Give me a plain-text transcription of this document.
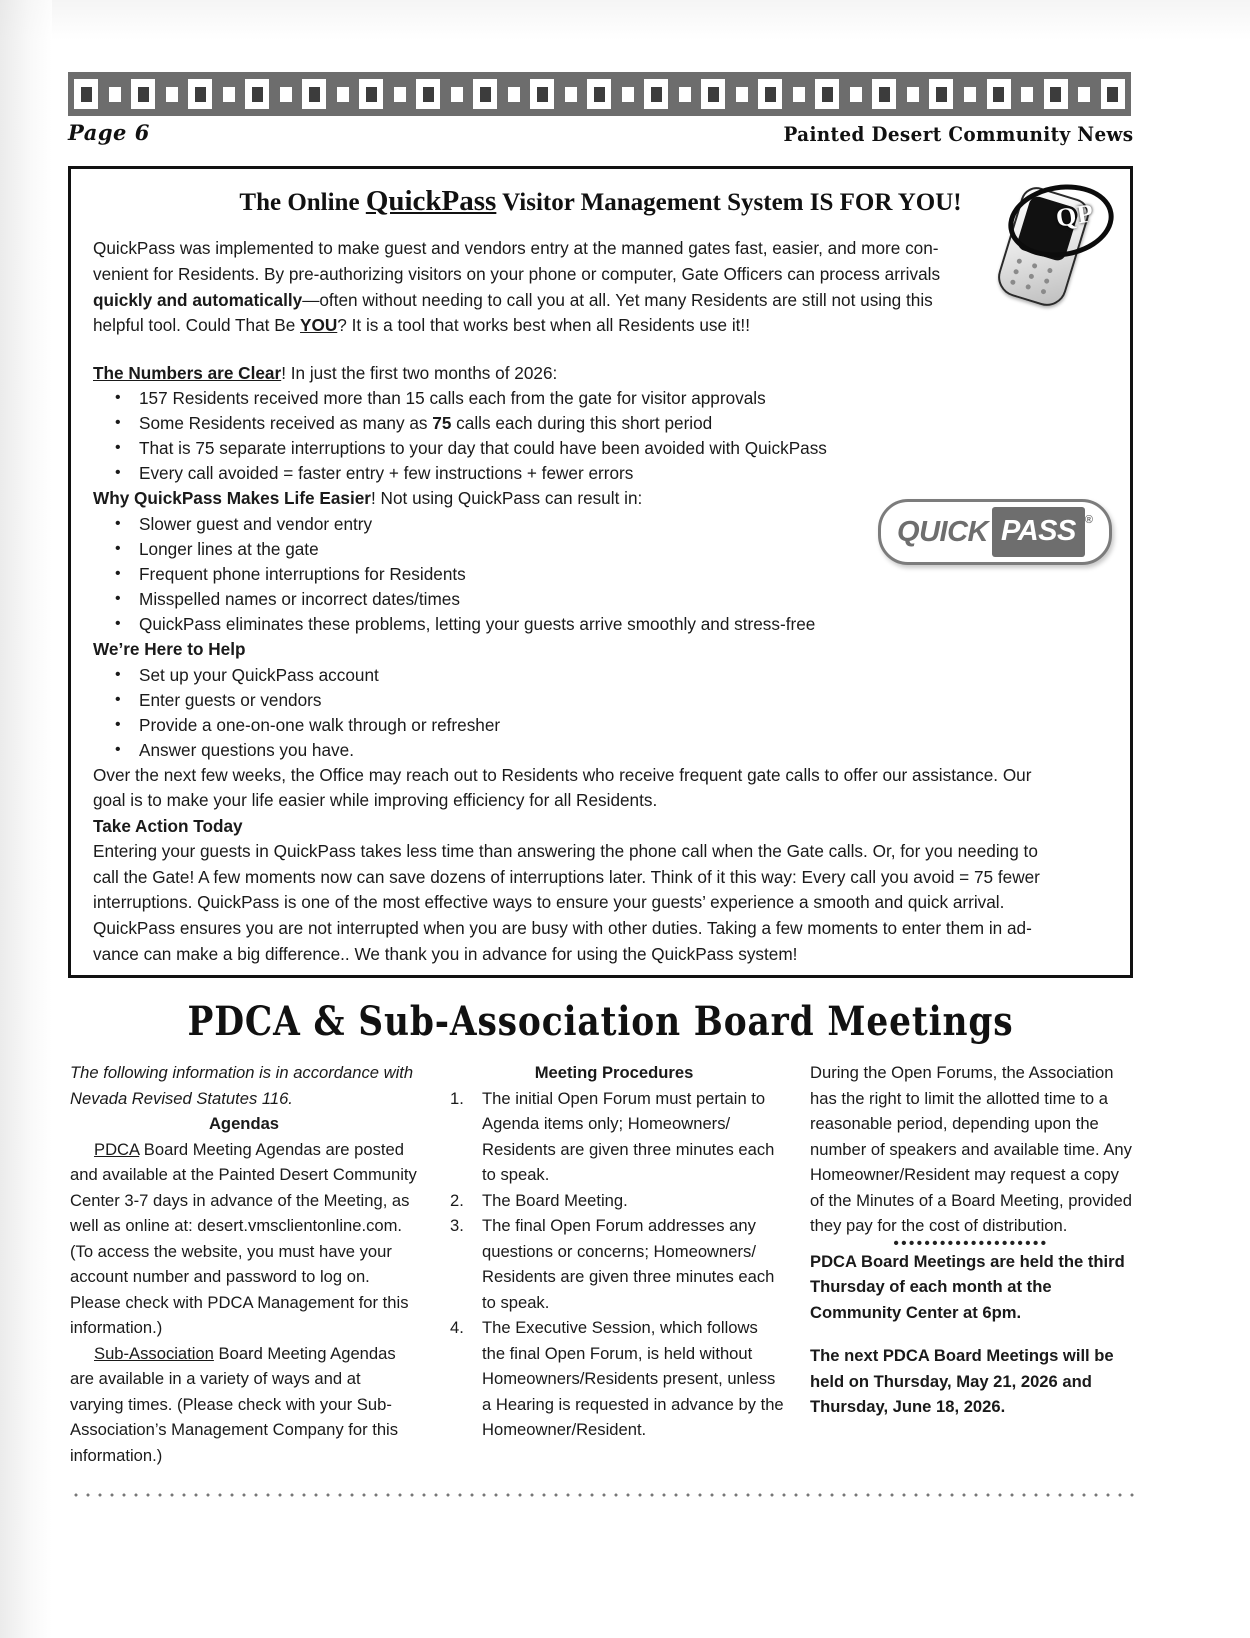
Page 6	Painted Desert Community News
QP
QUICK PASS ®
The Online QuickPass Visitor Management System IS FOR YOU!

QuickPass was implemented to make guest and vendors entry at the manned gates fast, easier, and more con-

venient for Residents. By pre-authorizing visitors on your phone or computer, Gate Officers can process arrivals

quickly and automatically—often without needing to call you at all. Yet many Residents are still not using this

helpful tool. Could That Be YOU? It is a tool that works best when all Residents use it!!

The Numbers are Clear! In just the first two months of 2026:

• 157 Residents received more than 15 calls each from the gate for visitor approvals
• Some Residents received as many as 75 calls each during this short period
• That is 75 separate interruptions to your day that could have been avoided with QuickPass
• Every call avoided = faster entry + few instructions + fewer errors

Why QuickPass Makes Life Easier! Not using QuickPass can result in:

• Slower guest and vendor entry
• Longer lines at the gate
• Frequent phone interruptions for Residents
• Misspelled names or incorrect dates/times
• QuickPass eliminates these problems, letting your guests arrive smoothly and stress-free

We’re Here to Help

• Set up your QuickPass account
• Enter guests or vendors
• Provide a one-on-one walk through or refresher
• Answer questions you have.

Over the next few weeks, the Office may reach out to Residents who receive frequent gate calls to offer our assistance. Our

goal is to make your life easier while improving efficiency for all Residents.

Take Action Today

Entering your guests in QuickPass takes less time than answering the phone call when the Gate calls. Or, for you needing to

call the Gate! A few moments now can save dozens of interruptions later. Think of it this way: Every call you avoid = 75 fewer

interruptions. QuickPass is one of the most effective ways to ensure your guests’ experience a smooth and quick arrival.

QuickPass ensures you are not interrupted when you are busy with other duties. Taking a few moments to enter them in ad-

vance can make a big difference.. We thank you in advance for using the QuickPass system!

PDCA & Sub-Association Board Meetings

The following information is in accordance with Nevada Revised Statutes 116.

Agendas

PDCA Board Meeting Agendas are posted and available at the Painted Desert Community Center 3-7 days in advance of the Meeting, as well as online at: desert.vmsclientonline.com. (To access the website, you must have your account number and password to log on. Please check with PDCA Management for this information.)

Sub-Association Board Meeting Agendas are available in a variety of ways and at varying times. (Please check with your Sub-Association’s Management Company for this information.)

Meeting Procedures

1.	The initial Open Forum must pertain to Agenda items only; Homeowners/ Residents are given three minutes each to speak.
2.	The Board Meeting.
3.	The final Open Forum addresses any questions or concerns; Homeowners/ Residents are given three minutes each to speak.
4.	The Executive Session, which follows the final Open Forum, is held without Homeowners/Residents present, unless a Hearing is requested in advance by the Homeowner/Resident.

During the Open Forums, the Association has the right to limit the allotted time to a reasonable period, depending upon the number of speakers and available time. Any Homeowner/Resident may request a copy of the Minutes of a Board Meeting, provided they pay for the cost of distribution.

••••••••••••••••••••

PDCA Board Meetings are held the third Thursday of each month at the Community Center at 6pm.

The next PDCA Board Meetings will be held on Thursday, May 21, 2026 and Thursday, June 18, 2026.
